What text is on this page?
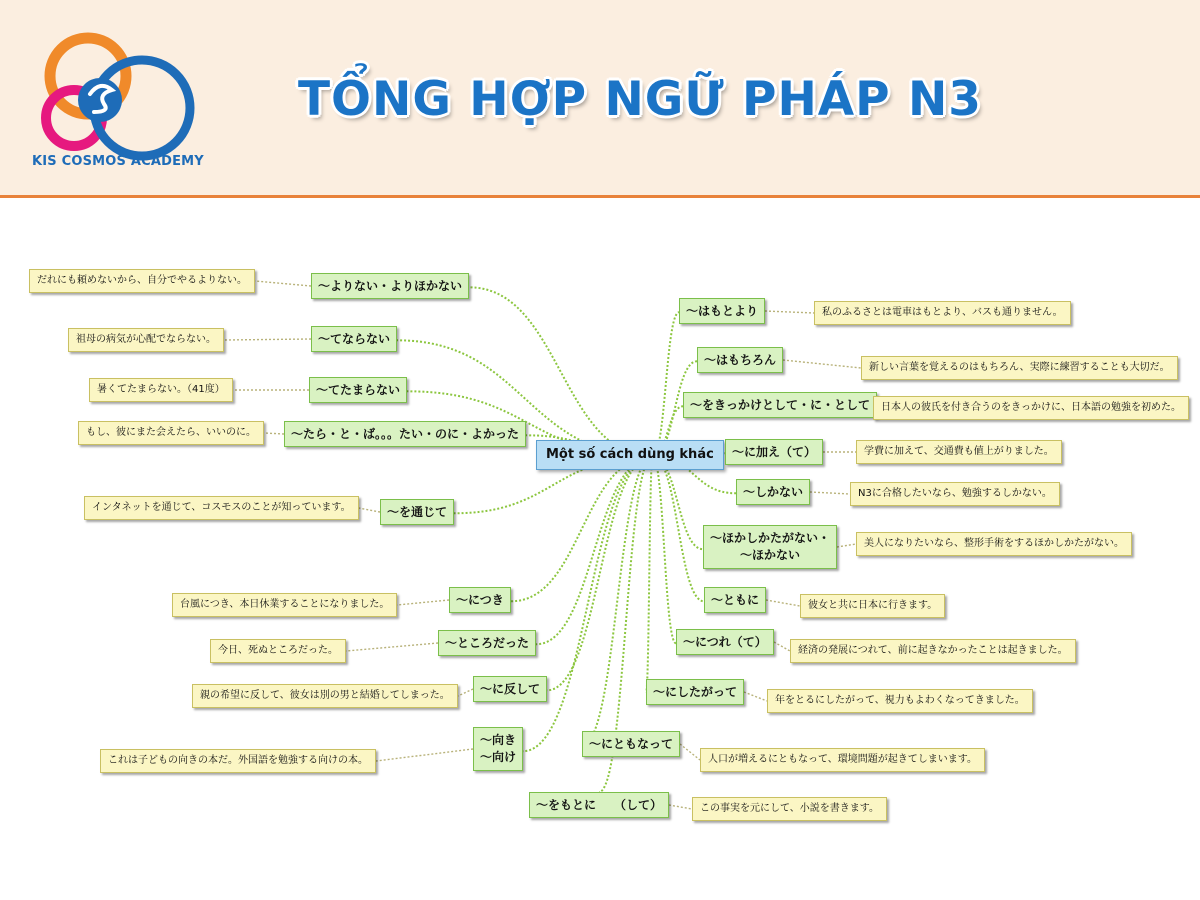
KIS COSMOS ACADEMY
TỔNG HỢP NGỮ PHÁP N3
Một số cách dùng khác
〜よりない・よりほかない
〜てならない
〜てたまらない
〜たら・と・ば。。。たい・のに・よかった
〜を通じて
〜につき
〜ところだった
〜に反して
〜向き
〜向け
〜をもとに　　（して）
だれにも頼めないから、自分でやるよりない。
祖母の病気が心配でならない。
暑くてたまらない。（41度）
もし、彼にまた会えたら、いいのに。
インタネットを通じて、コスモスのことが知っています。
台風につき、本日休業することになりました。
今日、死ぬところだった。
親の希望に反して、彼女は別の男と結婚してしまった。
これは子どもの向きの本だ。外国語を勉強する向けの本。
〜はもとより
〜はもちろん
〜をきっかけとして・に・として
〜に加え（て）
〜しかない
〜ほかしかたがない・
〜ほかない
〜ともに
〜につれ（て）
〜にしたがって
〜にともなって
私のふるさとは電車はもとより、バスも通りません。
新しい言葉を覚えるのはもちろん、実際に練習することも大切だ。
日本人の彼氏を付き合うのをきっかけに、日本語の勉強を初めた。
学費に加えて、交通費も値上がりました。
N3に合格したいなら、勉強するしかない。
美人になりたいなら、整形手術をするほかしかたがない。
彼女と共に日本に行きます。
経済の発展につれて、前に起きなかったことは起きました。
年をとるにしたがって、視力もよわくなってきました。
人口が増えるにともなって、環境問題が起きてしまいます。
この事実を元にして、小説を書きます。
